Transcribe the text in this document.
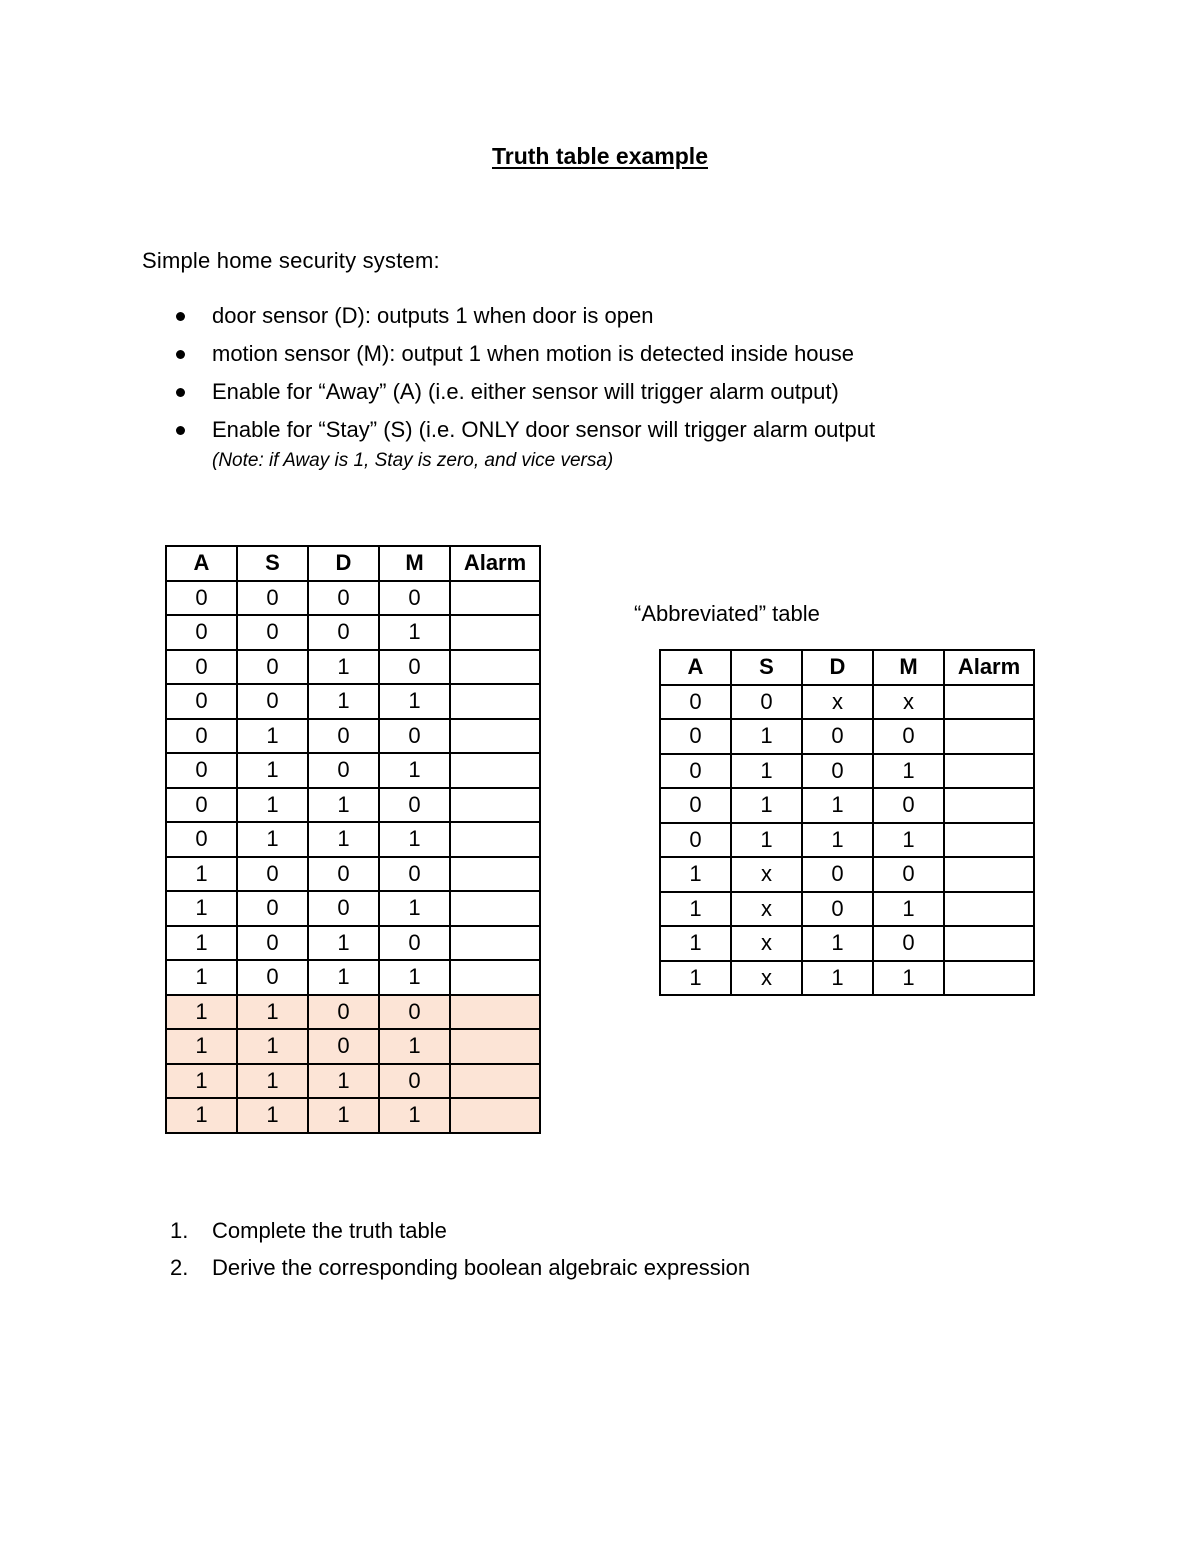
Truth table example
Simple home security system:
door sensor (D): outputs 1 when door is open
motion sensor (M): output 1 when motion is detected inside house
Enable for “Away” (A) (i.e. either sensor will trigger alarm output)
Enable for “Stay” (S) (i.e. ONLY door sensor will trigger alarm output
(Note: if Away is 1, Stay is zero, and vice versa)
A	S	D	M	Alarm
0	0	0	0	
0	0	0	1	
0	0	1	0	
0	0	1	1	
0	1	0	0	
0	1	0	1	
0	1	1	0	
0	1	1	1	
1	0	0	0	
1	0	0	1	
1	0	1	0	
1	0	1	1	
1	1	0	0	
1	1	0	1	
1	1	1	0	
1	1	1	1	
“Abbreviated” table
A	S	D	M	Alarm
0	0	x	x	
0	1	0	0	
0	1	0	1	
0	1	1	0	
0	1	1	1	
1	x	0	0	
1	x	0	1	
1	x	1	0	
1	x	1	1	
1. Complete the truth table
2. Derive the corresponding boolean algebraic expression
